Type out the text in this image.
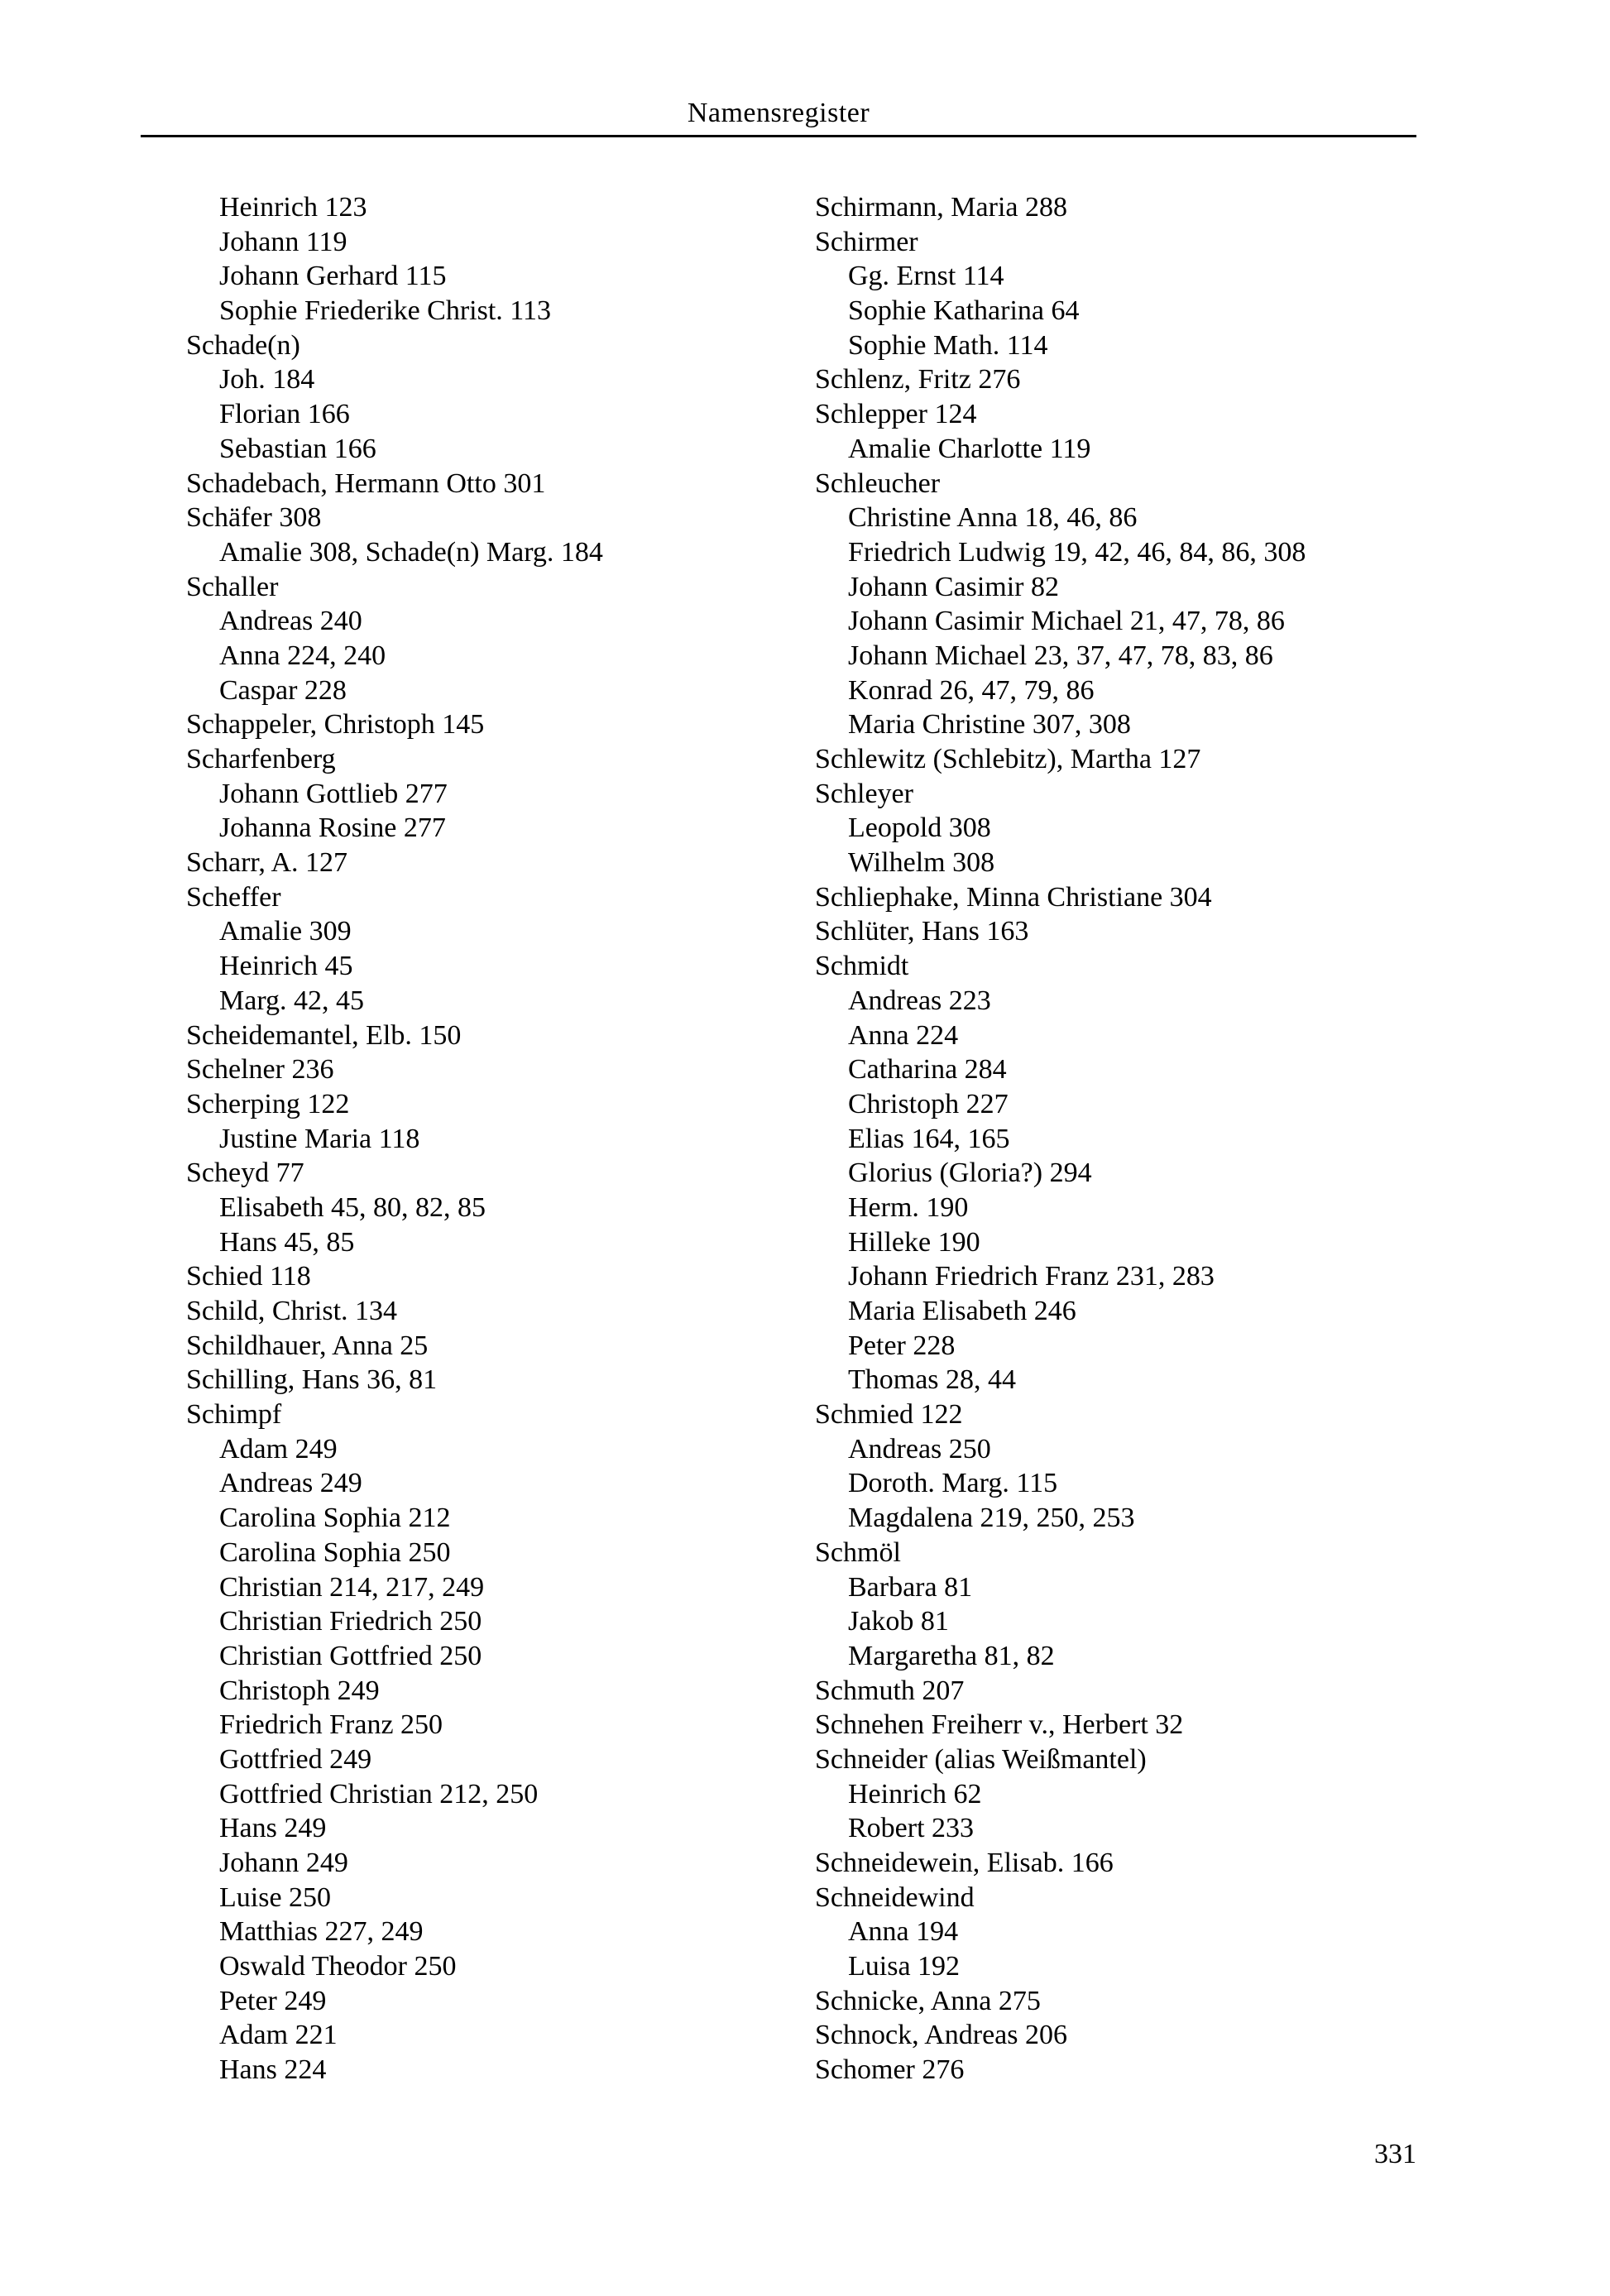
Namensregister
Heinrich 123
Johann 119
Johann Gerhard 115
Sophie Friederike Christ. 113
Schade(n)
Joh. 184
Florian 166
Sebastian 166
Schadebach, Hermann Otto 301
Schäfer 308
Amalie 308, Schade(n) Marg. 184
Schaller
Andreas 240
Anna 224, 240
Caspar 228
Schappeler, Christoph 145
Scharfenberg
Johann Gottlieb 277
Johanna Rosine 277
Scharr, A. 127
Scheffer
Amalie 309
Heinrich 45
Marg. 42, 45
Scheidemantel, Elb. 150
Schelner 236
Scherping 122
Justine Maria 118
Scheyd 77
Elisabeth 45, 80, 82, 85
Hans 45, 85
Schied 118
Schild, Christ. 134
Schildhauer, Anna 25
Schilling, Hans 36, 81
Schimpf
Adam 249
Andreas 249
Carolina Sophia 212
Carolina Sophia 250
Christian 214, 217, 249
Christian Friedrich 250
Christian Gottfried 250
Christoph 249
Friedrich Franz 250
Gottfried 249
Gottfried Christian 212, 250
Hans 249
Johann 249
Luise 250
Matthias 227, 249
Oswald Theodor 250
Peter 249
Adam 221
Hans 224
Schirmann, Maria 288
Schirmer
Gg. Ernst 114
Sophie Katharina 64
Sophie Math. 114
Schlenz, Fritz 276
Schlepper 124
Amalie Charlotte 119
Schleucher
Christine Anna 18, 46, 86
Friedrich Ludwig 19, 42, 46, 84, 86, 308
Johann Casimir 82
Johann Casimir Michael 21, 47, 78, 86
Johann Michael 23, 37, 47, 78, 83, 86
Konrad 26, 47, 79, 86
Maria Christine 307, 308
Schlewitz (Schlebitz), Martha 127
Schleyer
Leopold 308
Wilhelm 308
Schliephake, Minna Christiane 304
Schlüter, Hans 163
Schmidt
Andreas 223
Anna 224
Catharina 284
Christoph 227
Elias 164, 165
Glorius (Gloria?) 294
Herm. 190
Hilleke 190
Johann Friedrich Franz 231, 283
Maria Elisabeth 246
Peter 228
Thomas 28, 44
Schmied 122
Andreas 250
Doroth. Marg. 115
Magdalena 219, 250, 253
Schmöl
Barbara 81
Jakob 81
Margaretha 81, 82
Schmuth 207
Schnehen Freiherr v., Herbert 32
Schneider (alias Weißmantel)
Heinrich 62
Robert 233
Schneidewein, Elisab. 166
Schneidewind
Anna 194
Luisa 192
Schnicke, Anna 275
Schnock, Andreas 206
Schomer 276
331
